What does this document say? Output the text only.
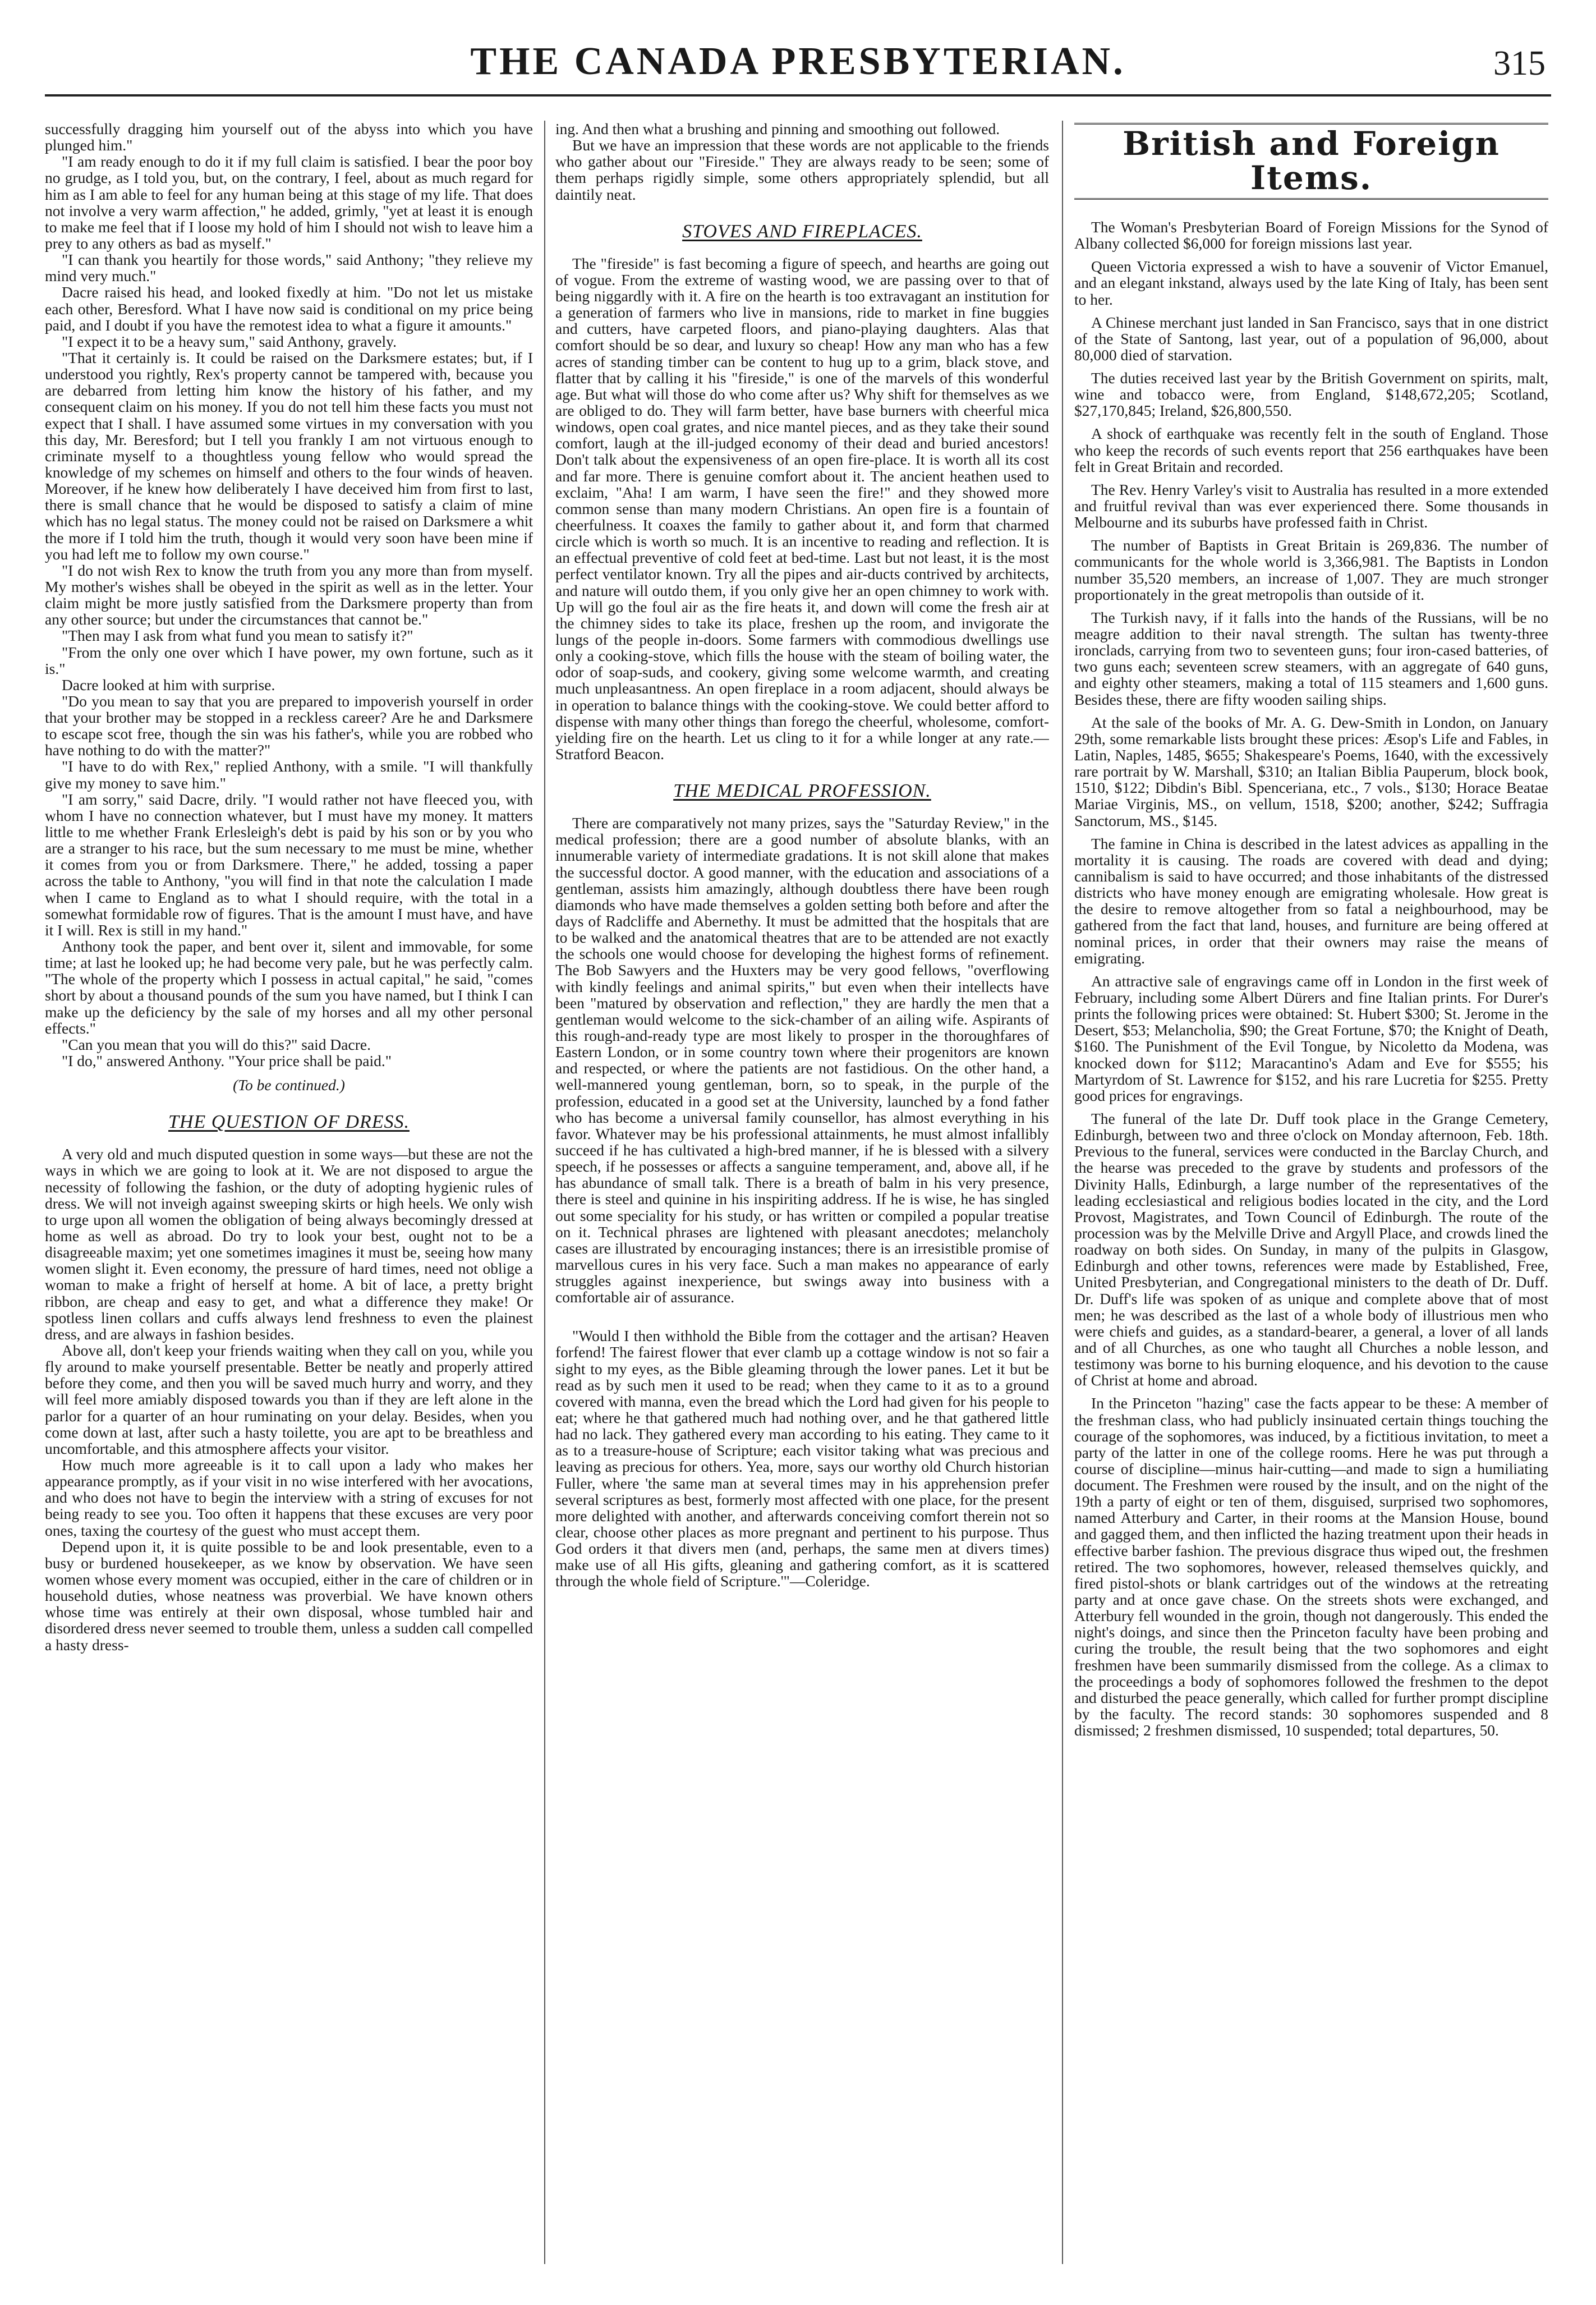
THE CANADA PRESBYTERIAN.	315

successfully dragging him yourself out of the abyss into which you have plunged him."

"I am ready enough to do it if my full claim is satisfied. I bear the poor boy no grudge, as I told you, but, on the contrary, I feel, about as much regard for him as I am able to feel for any human being at this stage of my life. That does not involve a very warm affection," he added, grimly, "yet at least it is enough to make me feel that if I loose my hold of him I should not wish to leave him a prey to any others as bad as myself."

"I can thank you heartily for those words," said Anthony; "they relieve my mind very much."

Dacre raised his head, and looked fixedly at him. "Do not let us mistake each other, Beresford. What I have now said is conditional on my price being paid, and I doubt if you have the remotest idea to what a figure it amounts."

"I expect it to be a heavy sum," said Anthony, gravely.

"That it certainly is. It could be raised on the Darksmere estates; but, if I understood you rightly, Rex's property cannot be tampered with, because you are debarred from letting him know the history of his father, and my consequent claim on his money. If you do not tell him these facts you must not expect that I shall. I have assumed some virtues in my conversation with you this day, Mr. Beresford; but I tell you frankly I am not virtuous enough to criminate myself to a thoughtless young fellow who would spread the knowledge of my schemes on himself and others to the four winds of heaven. Moreover, if he knew how deliberately I have deceived him from first to last, there is small chance that he would be disposed to satisfy a claim of mine which has no legal status. The money could not be raised on Darksmere a whit the more if I told him the truth, though it would very soon have been mine if you had left me to follow my own course."

"I do not wish Rex to know the truth from you any more than from myself. My mother's wishes shall be obeyed in the spirit as well as in the letter. Your claim might be more justly satisfied from the Darksmere property than from any other source; but under the circumstances that cannot be."

"Then may I ask from what fund you mean to satisfy it?"

"From the only one over which I have power, my own fortune, such as it is."

Dacre looked at him with surprise.

"Do you mean to say that you are prepared to impoverish yourself in order that your brother may be stopped in a reckless career? Are he and Darksmere to escape scot free, though the sin was his father's, while you are robbed who have nothing to do with the matter?"

"I have to do with Rex," replied Anthony, with a smile. "I will thankfully give my money to save him."

"I am sorry," said Dacre, drily. "I would rather not have fleeced you, with whom I have no connection whatever, but I must have my money. It matters little to me whether Frank Erlesleigh's debt is paid by his son or by you who are a stranger to his race, but the sum necessary to me must be mine, whether it comes from you or from Darksmere. There," he added, tossing a paper across the table to Anthony, "you will find in that note the calculation I made when I came to England as to what I should require, with the total in a somewhat formidable row of figures. That is the amount I must have, and have it I will. Rex is still in my hand."

Anthony took the paper, and bent over it, silent and immovable, for some time; at last he looked up; he had become very pale, but he was perfectly calm. "The whole of the property which I possess in actual capital," he said, "comes short by about a thousand pounds of the sum you have named, but I think I can make up the deficiency by the sale of my horses and all my other personal effects."

"Can you mean that you will do this?" said Dacre.

"I do," answered Anthony. "Your price shall be paid."

(To be continued.)
THE QUESTION OF DRESS.

A very old and much disputed question in some ways—but these are not the ways in which we are going to look at it. We are not disposed to argue the necessity of following the fashion, or the duty of adopting hygienic rules of dress. We will not inveigh against sweeping skirts or high heels. We only wish to urge upon all women the obligation of being always becomingly dressed at home as well as abroad. Do try to look your best, ought not to be a disagreeable maxim; yet one sometimes imagines it must be, seeing how many women slight it. Even economy, the pressure of hard times, need not oblige a woman to make a fright of herself at home. A bit of lace, a pretty bright ribbon, are cheap and easy to get, and what a difference they make! Or spotless linen collars and cuffs always lend freshness to even the plainest dress, and are always in fashion besides.

Above all, don't keep your friends waiting when they call on you, while you fly around to make yourself presentable. Better be neatly and properly attired before they come, and then you will be saved much hurry and worry, and they will feel more amiably disposed towards you than if they are left alone in the parlor for a quarter of an hour ruminating on your delay. Besides, when you come down at last, after such a hasty toilette, you are apt to be breathless and uncomfortable, and this atmosphere affects your visitor.

How much more agreeable is it to call upon a lady who makes her appearance promptly, as if your visit in no wise interfered with her avocations, and who does not have to begin the interview with a string of excuses for not being ready to see you. Too often it happens that these excuses are very poor ones, taxing the courtesy of the guest who must accept them.

Depend upon it, it is quite possible to be and look presentable, even to a busy or burdened housekeeper, as we know by observation. We have seen women whose every moment was occupied, either in the care of children or in household duties, whose neatness was proverbial. We have known others whose time was entirely at their own disposal, whose tumbled hair and disordered dress never seemed to trouble them, unless a sudden call compelled a hasty dress-

ing. And then what a brushing and pinning and smoothing out followed.

But we have an impression that these words are not applicable to the friends who gather about our "Fireside." They are always ready to be seen; some of them perhaps rigidly simple, some others appropriately splendid, but all daintily neat.

STOVES AND FIREPLACES.

The "fireside" is fast becoming a figure of speech, and hearths are going out of vogue. From the extreme of wasting wood, we are passing over to that of being niggardly with it. A fire on the hearth is too extravagant an institution for a generation of farmers who live in mansions, ride to market in fine buggies and cutters, have carpeted floors, and piano-playing daughters. Alas that comfort should be so dear, and luxury so cheap! How any man who has a few acres of standing timber can be content to hug up to a grim, black stove, and flatter that by calling it his "fireside," is one of the marvels of this wonderful age. But what will those do who come after us? Why shift for themselves as we are obliged to do. They will farm better, have base burners with cheerful mica windows, open coal grates, and nice mantel pieces, and as they take their sound comfort, laugh at the ill-judged economy of their dead and buried ancestors! Don't talk about the expensiveness of an open fire-place. It is worth all its cost and far more. There is genuine comfort about it. The ancient heathen used to exclaim, "Aha! I am warm, I have seen the fire!" and they showed more common sense than many modern Christians. An open fire is a fountain of cheerfulness. It coaxes the family to gather about it, and form that charmed circle which is worth so much. It is an incentive to reading and reflection. It is an effectual preventive of cold feet at bed-time. Last but not least, it is the most perfect ventilator known. Try all the pipes and air-ducts contrived by architects, and nature will outdo them, if you only give her an open chimney to work with. Up will go the foul air as the fire heats it, and down will come the fresh air at the chimney sides to take its place, freshen up the room, and invigorate the lungs of the people in-doors. Some farmers with commodious dwellings use only a cooking-stove, which fills the house with the steam of boiling water, the odor of soap-suds, and cookery, giving some welcome warmth, and creating much unpleasantness. An open fireplace in a room adjacent, should always be in operation to balance things with the cooking-stove. We could better afford to dispense with many other things than forego the cheerful, wholesome, comfort-yielding fire on the hearth. Let us cling to it for a while longer at any rate.—Stratford Beacon.

THE MEDICAL PROFESSION.

There are comparatively not many prizes, says the "Saturday Review," in the medical profession; there are a good number of absolute blanks, with an innumerable variety of intermediate gradations. It is not skill alone that makes the successful doctor. A good manner, with the education and associations of a gentleman, assists him amazingly, although doubtless there have been rough diamonds who have made themselves a golden setting both before and after the days of Radcliffe and Abernethy. It must be admitted that the hospitals that are to be walked and the anatomical theatres that are to be attended are not exactly the schools one would choose for developing the highest forms of refinement. The Bob Sawyers and the Huxters may be very good fellows, "overflowing with kindly feelings and animal spirits," but even when their intellects have been "matured by observation and reflection," they are hardly the men that a gentleman would welcome to the sick-chamber of an ailing wife. Aspirants of this rough-and-ready type are most likely to prosper in the thoroughfares of Eastern London, or in some country town where their progenitors are known and respected, or where the patients are not fastidious. On the other hand, a well-mannered young gentleman, born, so to speak, in the purple of the profession, educated in a good set at the University, launched by a fond father who has become a universal family counsellor, has almost everything in his favor. Whatever may be his professional attainments, he must almost infallibly succeed if he has cultivated a high-bred manner, if he is blessed with a silvery speech, if he possesses or affects a sanguine temperament, and, above all, if he has abundance of small talk. There is a breath of balm in his very presence, there is steel and quinine in his inspiriting address. If he is wise, he has singled out some speciality for his study, or has written or compiled a popular treatise on it. Technical phrases are lightened with pleasant anecdotes; melancholy cases are illustrated by encouraging instances; there is an irresistible promise of marvellous cures in his very face. Such a man makes no appearance of early struggles against inexperience, but swings away into business with a comfortable air of assurance.

"Would I then withhold the Bible from the cottager and the artisan? Heaven forfend! The fairest flower that ever clamb up a cottage window is not so fair a sight to my eyes, as the Bible gleaming through the lower panes. Let it but be read as by such men it used to be read; when they came to it as to a ground covered with manna, even the bread which the Lord had given for his people to eat; where he that gathered much had nothing over, and he that gathered little had no lack. They gathered every man according to his eating. They came to it as to a treasure-house of Scripture; each visitor taking what was precious and leaving as precious for others. Yea, more, says our worthy old Church historian Fuller, where 'the same man at several times may in his apprehension prefer several scriptures as best, formerly most affected with one place, for the present more delighted with another, and afterwards conceiving comfort therein not so clear, choose other places as more pregnant and pertinent to his purpose. Thus God orders it that divers men (and, perhaps, the same men at divers times) make use of all His gifts, gleaning and gathering comfort, as it is scattered through the whole field of Scripture.'"—Coleridge.

British and Foreign Items.

The Woman's Presbyterian Board of Foreign Missions for the Synod of Albany collected $6,000 for foreign missions last year.

Queen Victoria expressed a wish to have a souvenir of Victor Emanuel, and an elegant inkstand, always used by the late King of Italy, has been sent to her.

A Chinese merchant just landed in San Francisco, says that in one district of the State of Santong, last year, out of a population of 96,000, about 80,000 died of starvation.

The duties received last year by the British Government on spirits, malt, wine and tobacco were, from England, $148,672,205; Scotland, $27,170,845; Ireland, $26,800,550.

A shock of earthquake was recently felt in the south of England. Those who keep the records of such events report that 256 earthquakes have been felt in Great Britain and recorded.

The Rev. Henry Varley's visit to Australia has resulted in a more extended and fruitful revival than was ever experienced there. Some thousands in Melbourne and its suburbs have professed faith in Christ.

The number of Baptists in Great Britain is 269,836. The number of communicants for the whole world is 3,366,981. The Baptists in London number 35,520 members, an increase of 1,007. They are much stronger proportionately in the great metropolis than outside of it.

The Turkish navy, if it falls into the hands of the Russians, will be no meagre addition to their naval strength. The sultan has twenty-three ironclads, carrying from two to seventeen guns; four iron-cased batteries, of two guns each; seventeen screw steamers, with an aggregate of 640 guns, and eighty other steamers, making a total of 115 steamers and 1,600 guns. Besides these, there are fifty wooden sailing ships.

At the sale of the books of Mr. A. G. Dew-Smith in London, on January 29th, some remarkable lists brought these prices: Æsop's Life and Fables, in Latin, Naples, 1485, $655; Shakespeare's Poems, 1640, with the excessively rare portrait by W. Marshall, $310; an Italian Biblia Pauperum, block book, 1510, $122; Dibdin's Bibl. Spenceriana, etc., 7 vols., $130; Horace Beatae Mariae Virginis, MS., on vellum, 1518, $200; another, $242; Suffragia Sanctorum, MS., $145.

The famine in China is described in the latest advices as appalling in the mortality it is causing. The roads are covered with dead and dying; cannibalism is said to have occurred; and those inhabitants of the distressed districts who have money enough are emigrating wholesale. How great is the desire to remove altogether from so fatal a neighbourhood, may be gathered from the fact that land, houses, and furniture are being offered at nominal prices, in order that their owners may raise the means of emigrating.

An attractive sale of engravings came off in London in the first week of February, including some Albert Dürers and fine Italian prints. For Durer's prints the following prices were obtained: St. Hubert $300; St. Jerome in the Desert, $53; Melancholia, $90; the Great Fortune, $70; the Knight of Death, $160. The Punishment of the Evil Tongue, by Nicoletto da Modena, was knocked down for $112; Maracantino's Adam and Eve for $555; his Martyrdom of St. Lawrence for $152, and his rare Lucretia for $255. Pretty good prices for engravings.

The funeral of the late Dr. Duff took place in the Grange Cemetery, Edinburgh, between two and three o'clock on Monday afternoon, Feb. 18th. Previous to the funeral, services were conducted in the Barclay Church, and the hearse was preceded to the grave by students and professors of the Divinity Halls, Edinburgh, a large number of the representatives of the leading ecclesiastical and religious bodies located in the city, and the Lord Provost, Magistrates, and Town Council of Edinburgh. The route of the procession was by the Melville Drive and Argyll Place, and crowds lined the roadway on both sides. On Sunday, in many of the pulpits in Glasgow, Edinburgh and other towns, references were made by Established, Free, United Presbyterian, and Congregational ministers to the death of Dr. Duff. Dr. Duff's life was spoken of as unique and complete above that of most men; he was described as the last of a whole body of illustrious men who were chiefs and guides, as a standard-bearer, a general, a lover of all lands and of all Churches, as one who taught all Churches a noble lesson, and testimony was borne to his burning eloquence, and his devotion to the cause of Christ at home and abroad.

In the Princeton "hazing" case the facts appear to be these: A member of the freshman class, who had publicly insinuated certain things touching the courage of the sophomores, was induced, by a fictitious invitation, to meet a party of the latter in one of the college rooms. Here he was put through a course of discipline—minus hair-cutting—and made to sign a humiliating document. The Freshmen were roused by the insult, and on the night of the 19th a party of eight or ten of them, disguised, surprised two sophomores, named Atterbury and Carter, in their rooms at the Mansion House, bound and gagged them, and then inflicted the hazing treatment upon their heads in effective barber fashion. The previous disgrace thus wiped out, the freshmen retired. The two sophomores, however, released themselves quickly, and fired pistol-shots or blank cartridges out of the windows at the retreating party and at once gave chase. On the streets shots were exchanged, and Atterbury fell wounded in the groin, though not dangerously. This ended the night's doings, and since then the Princeton faculty have been probing and curing the trouble, the result being that the two sophomores and eight freshmen have been summarily dismissed from the college. As a climax to the proceedings a body of sophomores followed the freshmen to the depot and disturbed the peace generally, which called for further prompt discipline by the faculty. The record stands: 30 sophomores suspended and 8 dismissed; 2 freshmen dismissed, 10 suspended; total departures, 50.
